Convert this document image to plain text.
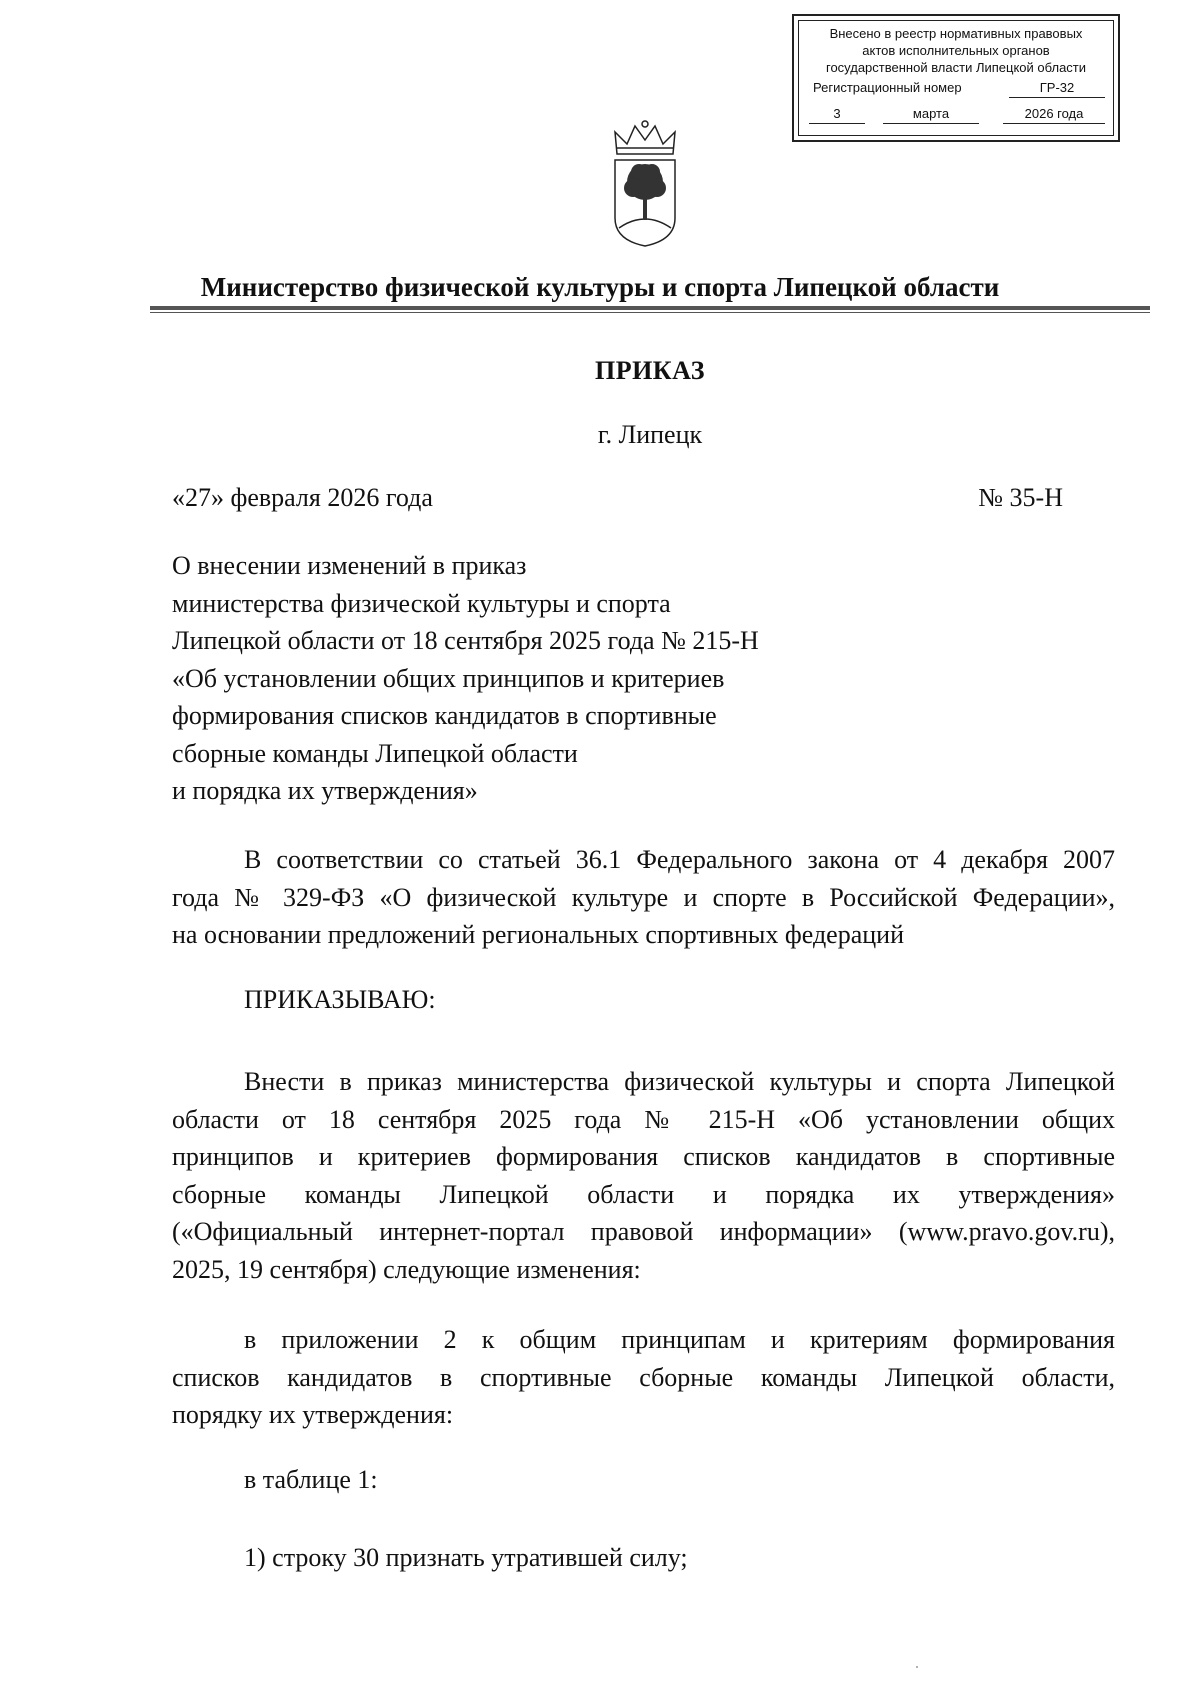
Внесено в реестр нормативных правовых
актов исполнительных органов
государственной власти Липецкой области
Регистрационный номер	ГР-32
3	марта	2026 года
Министерство физической культуры и спорта Липецкой области
ПРИКАЗ
г. Липецк
«27» февраля 2026 года	№ 35-Н
О внесении изменений в приказ
министерства физической культуры и спорта
Липецкой области от 18 сентября 2025 года № 215-Н
«Об установлении общих принципов и критериев
формирования списков кандидатов в спортивные
сборные команды Липецкой области
и порядка их утверждения»
В соответствии со статьей 36.1 Федерального закона от 4 декабря 2007
года № 329-ФЗ «О физической культуре и спорте в Российской Федерации»,
на основании предложений региональных спортивных федераций
ПРИКАЗЫВАЮ:
Внести в приказ министерства физической культуры и спорта Липецкой
области от 18 сентября 2025 года № 215-Н «Об установлении общих
принципов и критериев формирования списков кандидатов в спортивные
сборные команды Липецкой области и порядка их утверждения»
(«Официальный интернет-портал правовой информации» (www.pravo.gov.ru),
2025, 19 сентября) следующие изменения:
в приложении 2 к общим принципам и критериям формирования
списков кандидатов в спортивные сборные команды Липецкой области,
порядку их утверждения:
в таблице 1:
1) строку 30 признать утратившей силу;
